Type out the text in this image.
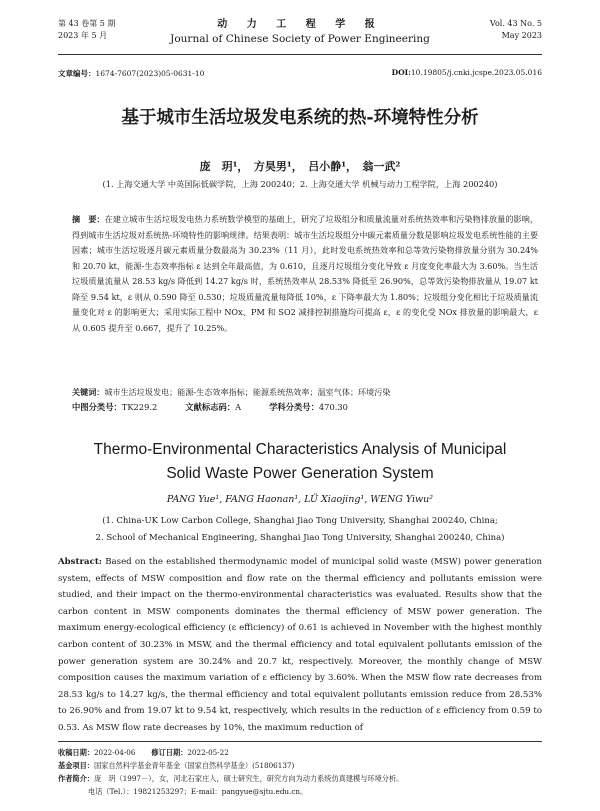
第 43 卷第 5 期
2023 年 5 月
动 力 工 程 学 报
Journal of Chinese Society of Power Engineering
Vol. 43 No. 5
May 2023
文章编号：1674-7607(2023)05-0631-10	DOI:10.19805/j.cnki.jcspe.2023.05.016
基于城市生活垃圾发电系统的热-环境特性分析
庞　玥¹，　方昊男¹，　吕小静¹，　翁一武²
(1. 上海交通大学 中英国际低碳学院，上海 200240；2. 上海交通大学 机械与动力工程学院，上海 200240)
摘　要：在建立城市生活垃圾发电热力系统数学模型的基础上，研究了垃圾组分和质量流量对系统热效率和污染物排放量的影响，得到城市生活垃圾对系统热-环境特性的影响规律。结果表明：城市生活垃圾组分中碳元素质量分数是影响垃圾发电系统性能的主要因素；城市生活垃圾逐月碳元素质量分数最高为 30.23%（11 月），此时发电系统热效率和总等效污染物排放量分别为 30.24% 和 20.70 kt，能源-生态效率指标 ε 达到全年最高值，为 0.610，且逐月垃圾组分变化导致 ε 月度变化率最大为 3.60%。当生活垃圾质量流量从 28.53 kg/s 降低到 14.27 kg/s 时，系统热效率从 28.53% 降低至 26.90%，总等效污染物排放量从 19.07 kt 降至 9.54 kt，ε 则从 0.590 降至 0.530；垃圾质量流量每降低 10%，ε 下降率最大为 1.80%；垃圾组分变化相比于垃圾质量流量变化对 ε 的影响更大；采用实际工程中 NOx、PM 和 SO2 减排控制措施均可提高 ε，ε 的变化受 NOx 排放量的影响最大，ε 从 0.605 提升至 0.667，提升了 10.25%。
关键词：城市生活垃圾发电；能源-生态效率指标；能源系统热效率；温室气体；环境污染
中图分类号：TK229.2	文献标志码：A	学科分类号：470.30
Thermo-Environmental Characteristics Analysis of Municipal
Solid Waste Power Generation System
PANG Yue¹, FANG Haonan¹, LÜ Xiaojing¹, WENG Yiwu²
(1. China-UK Low Carbon College, Shanghai Jiao Tong University, Shanghai 200240, China;
2. School of Mechanical Engineering, Shanghai Jiao Tong University, Shanghai 200240, China)
Abstract: Based on the established thermodynamic model of municipal solid waste (MSW) power generation system, effects of MSW composition and flow rate on the thermal efficiency and pollutants emission were studied, and their impact on the thermo-environmental characteristics was evaluated. Results show that the carbon content in MSW components dominates the thermal efficiency of MSW power generation. The maximum energy-ecological efficiency (ε efficiency) of 0.61 is achieved in November with the highest monthly carbon content of 30.23% in MSW, and the thermal efficiency and total equivalent pollutants emission of the power generation system are 30.24% and 20.7 kt, respectively. Moreover, the monthly change of MSW composition causes the maximum variation of ε efficiency by 3.60%. When the MSW flow rate decreases from 28.53 kg/s to 14.27 kg/s, the thermal efficiency and total equivalent pollutants emission reduce from 28.53% to 26.90% and from 19.07 kt to 9.54 kt, respectively, which results in the reduction of ε efficiency from 0.59 to 0.53. As MSW flow rate decreases by 10%, the maximum reduction of
收稿日期：2022-04-06 修订日期：2022-05-22
基金项目：国家自然科学基金青年基金（国家自然科学基金）(51806137)
作者简介：庞　玥（1997－），女，河北石家庄人，硕士研究生，研究方向为动力系统仿真建模与环境分析。
电话（Tel.）：19821253297；E-mail：pangyue@sjtu.edu.cn。
